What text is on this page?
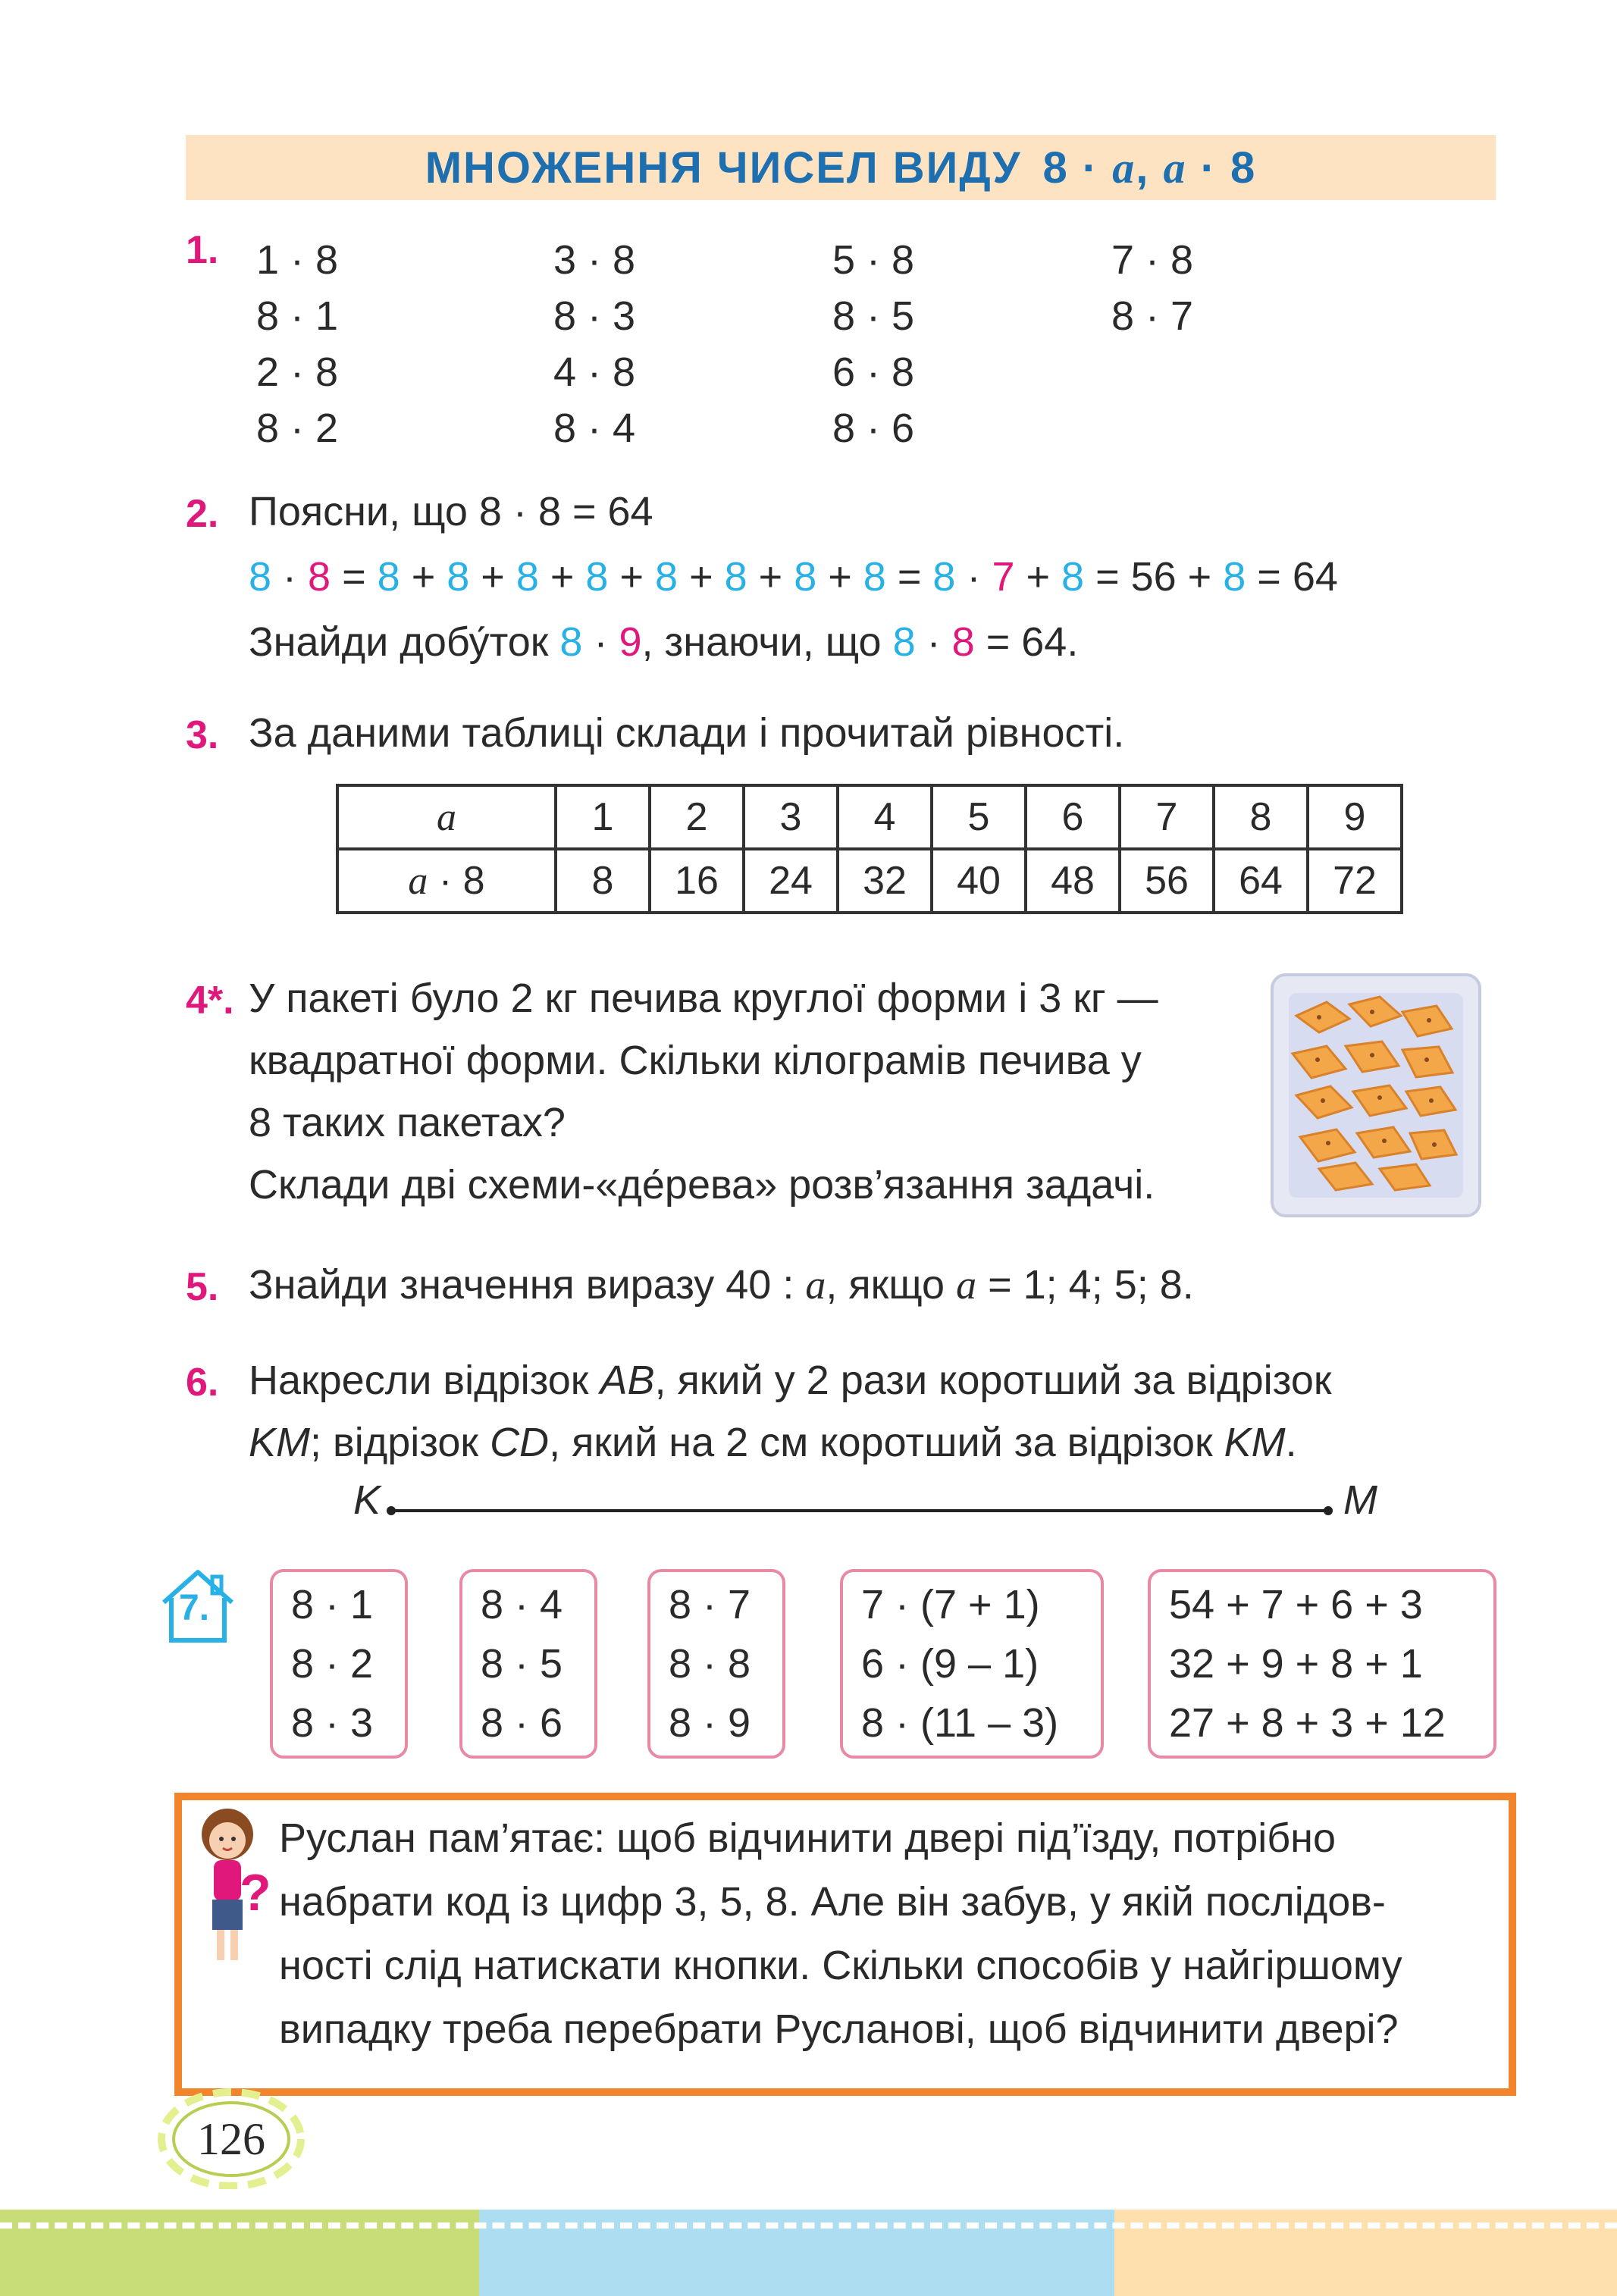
МНОЖЕННЯ ЧИСЕЛ ВИДУ 8 · a, a · 8
1. 1 · 8
8 · 1
2 · 8
8 · 2
3 · 8
8 · 3
4 · 8
8 · 4
5 · 8
8 · 5
6 · 8
8 · 6
7 · 8
8 · 7
2. Поясни, що 8 · 8 = 64
8 · 8 = 8 + 8 + 8 + 8 + 8 + 8 + 8 + 8 = 8 · 7 + 8 = 56 + 8 = 64
Знайди добу́ток 8 · 9, знаючи, що 8 · 8 = 64.
3. За даними таблиці склади і прочитай рівності.
a	1	2	3	4	5	6	7	8	9
a · 8	8	16	24	32	40	48	56	64	72
4*. У пакеті було 2 кг печива круглої форми і 3 кг —
квадратної форми. Скільки кілограмів печива у
8 таких пакетах?
Склади дві схеми-«де́рева» розв’язання задачі.
5. Знайди значення виразу 40 : a, якщо a = 1; 4; 5; 8.
6. Накресли відрізок AB, який у 2 рази коротший за відрізок
KM; відрізок CD, який на 2 см коротший за відрізок KM.
K	M
7. 8 · 1
8 · 2
8 · 3
8 · 4
8 · 5
8 · 6
8 · 7
8 · 8
8 · 9
7 · (7 + 1)
6 · (9 – 1)
8 · (11 – 3)
54 + 7 + 6 + 3
32 + 9 + 8 + 1
27 + 8 + 3 + 12
?
Руслан пам’ятає: щоб відчинити двері під’їзду, потрібно
набрати код із цифр 3, 5, 8. Але він забув, у якій послідов-
ності слід натискати кнопки. Скільки способів у найгіршому
випадку треба перебрати Русланові, щоб відчинити двері?
126
